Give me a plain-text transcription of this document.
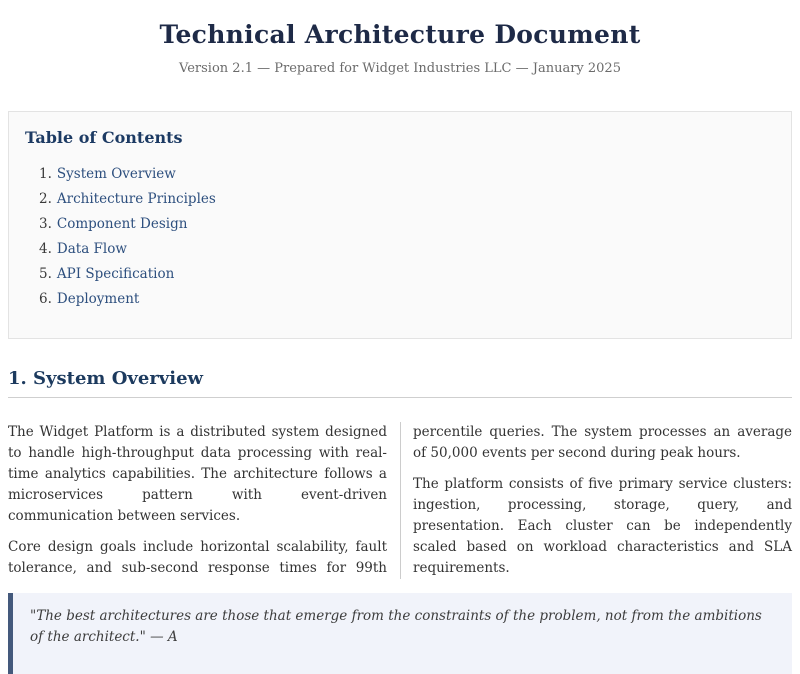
Technical Architecture Document

Version 2.1 — Prepared for Widget Industries LLC — January 2025

Table of Contents
1. System Overview
2. Architecture Principles
3. Component Design
4. Data Flow
5. API Specification
6. Deployment
1. System Overview

The Widget Platform is a distributed system designed to handle high-throughput data processing with real-time analytics capabilities. The architecture follows a microservices pattern with event-driven communication between services.

Core design goals include horizontal scalability, fault tolerance, and sub-second response times for 99th percentile queries. The system processes an average of 50,000 events per second during peak hours.

The platform consists of five primary service clusters: ingestion, processing, storage, query, and presentation. Each cluster can be independently scaled based on workload characteristics and SLA requirements.

"The best architectures are those that emerge from the constraints of the problem, not from the ambitions of the architect." — A
